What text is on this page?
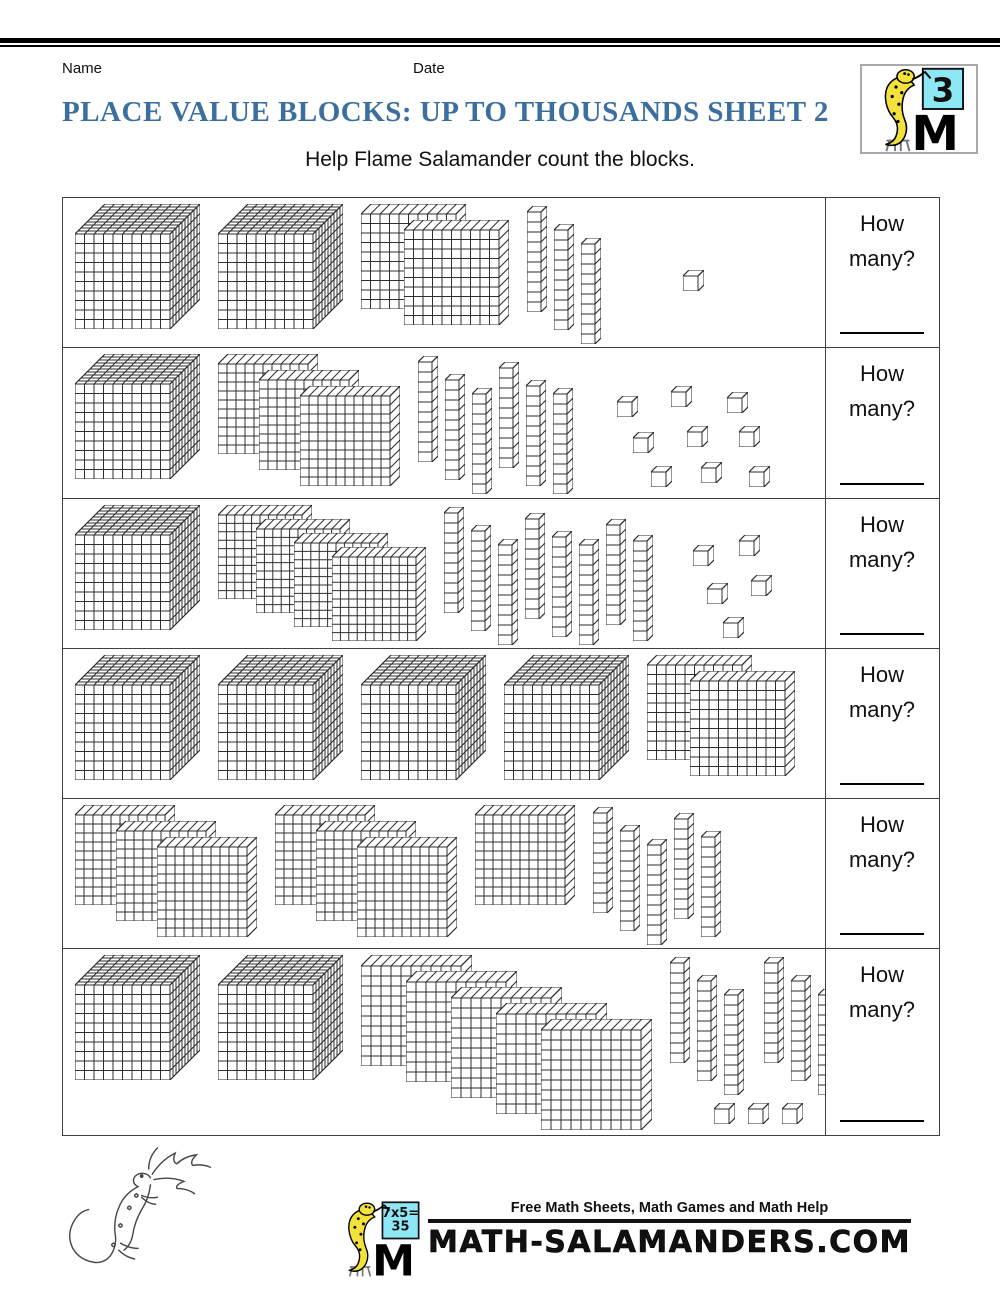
Name	Date
3
M
PLACE VALUE BLOCKS: UP TO THOUSANDS SHEET 2
Help Flame Salamander count the blocks.
How many?
How many?
How many?
How many?
How many?
How many?
7x5= 35
M
Free Math Sheets, Math Games and Math Help
MATH-SALAMANDERS.COM
